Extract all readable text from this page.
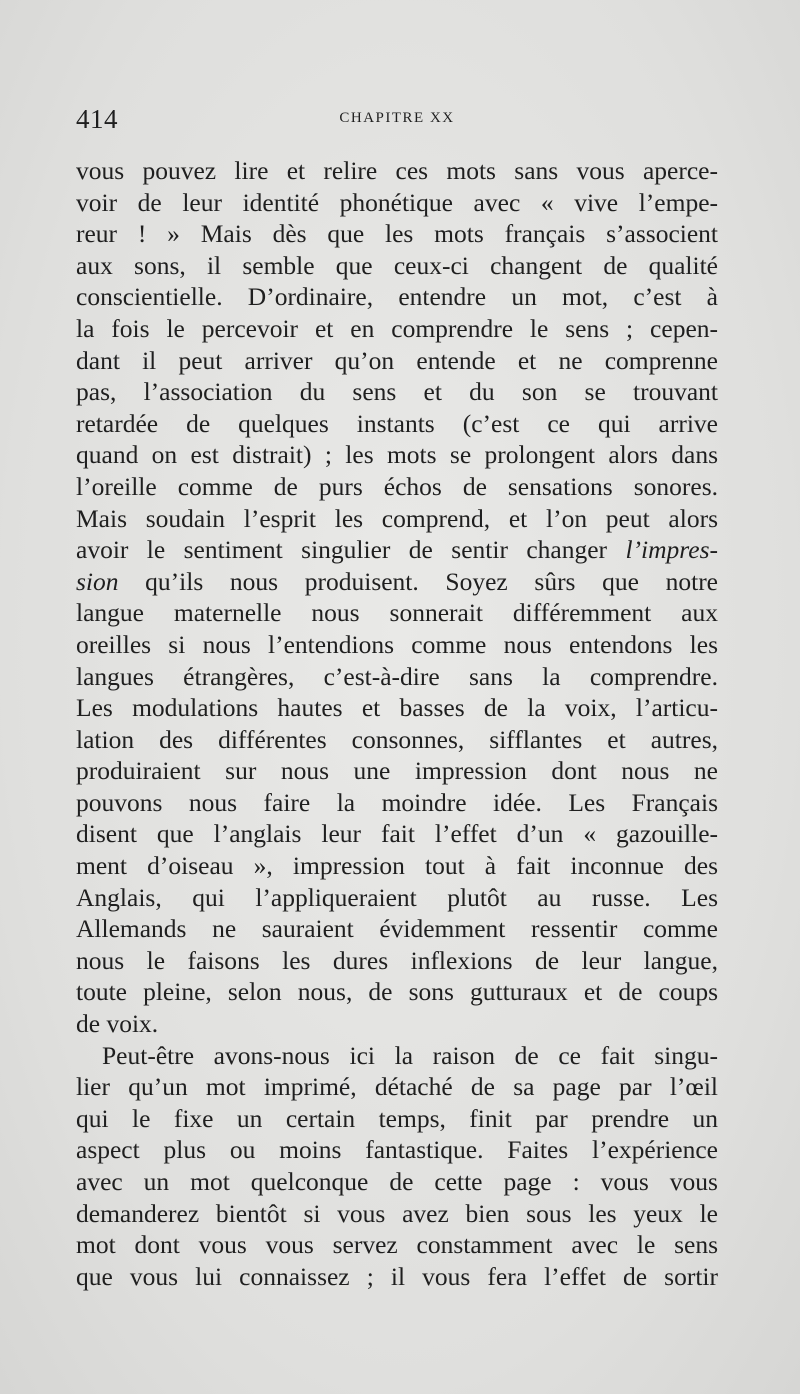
414	CHAPITRE XX
vous pouvez lire et relire ces mots sans vous aperce-
voir de leur identité phonétique avec « vive l’empe-
reur ! » Mais dès que les mots français s’associent
aux sons, il semble que ceux-ci changent de qualité
conscientielle. D’ordinaire, entendre un mot, c’est à
la fois le percevoir et en comprendre le sens ; cepen-
dant il peut arriver qu’on entende et ne comprenne
pas, l’association du sens et du son se trouvant
retardée de quelques instants (c’est ce qui arrive
quand on est distrait) ; les mots se prolongent alors dans
l’oreille comme de purs échos de sensations sonores.
Mais soudain l’esprit les comprend, et l’on peut alors
avoir le sentiment singulier de sentir changer l’impres-
sion qu’ils nous produisent. Soyez sûrs que notre
langue maternelle nous sonnerait différemment aux
oreilles si nous l’entendions comme nous entendons les
langues étrangères, c’est-à-dire sans la comprendre.
Les modulations hautes et basses de la voix, l’articu-
lation des différentes consonnes, sifflantes et autres,
produiraient sur nous une impression dont nous ne
pouvons nous faire la moindre idée. Les Français
disent que l’anglais leur fait l’effet d’un « gazouille-
ment d’oiseau », impression tout à fait inconnue des
Anglais, qui l’appliqueraient plutôt au russe. Les
Allemands ne sauraient évidemment ressentir comme
nous le faisons les dures inflexions de leur langue,
toute pleine, selon nous, de sons gutturaux et de coups
de voix.
Peut-être avons-nous ici la raison de ce fait singu-
lier qu’un mot imprimé, détaché de sa page par l’œil
qui le fixe un certain temps, finit par prendre un
aspect plus ou moins fantastique. Faites l’expérience
avec un mot quelconque de cette page : vous vous
demanderez bientôt si vous avez bien sous les yeux le
mot dont vous vous servez constamment avec le sens
que vous lui connaissez ; il vous fera l’effet de sortir
